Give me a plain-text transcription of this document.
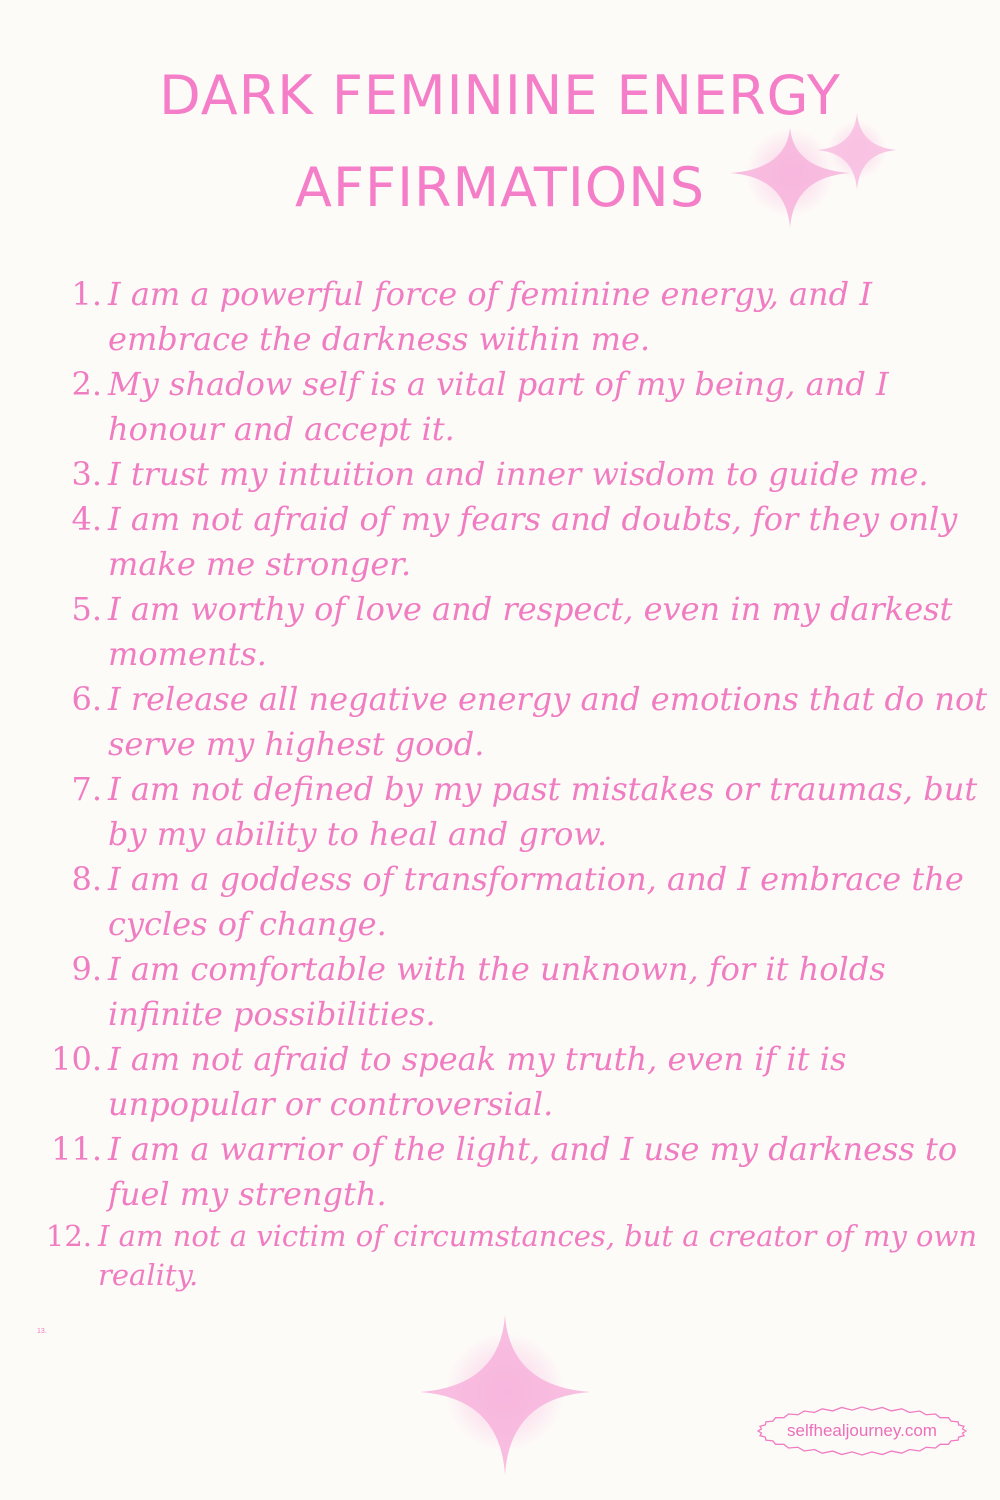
DARK FEMININE ENERGY
AFFIRMATIONS
1. I am a powerful force of feminine energy, and I embrace the darkness within me.
2. My shadow self is a vital part of my being, and I honour and accept it.
3. I trust my intuition and inner wisdom to guide me.
4. I am not afraid of my fears and doubts, for they only make me stronger.
5. I am worthy of love and respect, even in my darkest moments.
6. I release all negative energy and emotions that do not serve my highest good.
7. I am not defined by my past mistakes or traumas, but by my ability to heal and grow.
8. I am a goddess of transformation, and I embrace the cycles of change.
9. I am comfortable with the unknown, for it holds infinite possibilities.
10. I am not afraid to speak my truth, even if it is unpopular or controversial.
11. I am a warrior of the light, and I use my darkness to fuel my strength.
12. I am not a victim of circumstances, but a creator of my own reality.
13.
selfhealjourney.com
